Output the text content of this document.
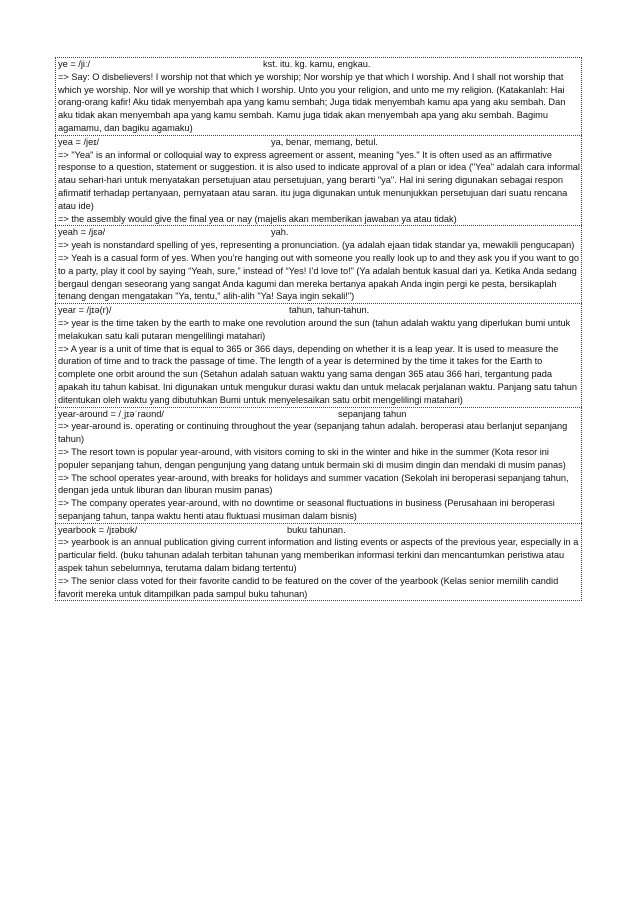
ye = /jiː/	kst. itu. kg. kamu, engkau.
=> Say: O disbelievers! I worship not that which ye worship; Nor worship ye that which I worship. And I shall not worship that which ye worship. Nor will ye worship that which I worship. Unto you your religion, and unto me my religion. (Katakanlah: Hai orang-orang kafir! Aku tidak menyembah apa yang kamu sembah; Juga tidak menyembah kamu apa yang aku sembah. Dan aku tidak akan menyembah apa yang kamu sembah. Kamu juga tidak akan menyembah apa yang aku sembah. Bagimu agamamu, dan bagiku agamaku)
yea = /jeɪ/	ya, benar, memang, betul.
=> "Yea" is an informal or colloquial way to express agreement or assent, meaning "yes." It is often used as an affirmative response to a question, statement or suggestion. it is also used to indicate approval of a plan or idea ("Yea" adalah cara informal atau sehari-hari untuk menyatakan persetujuan atau persetujuan, yang berarti "ya". Hal ini sering digunakan sebagai respon afirmatif terhadap pertanyaan, pernyataan atau saran. itu juga digunakan untuk menunjukkan persetujuan dari suatu rencana atau ide)
=> the assembly would give the final yea or nay (majelis akan memberikan jawaban ya atau tidak)
yeah = /jɛə/	yah.
=> yeah is nonstandard spelling of yes, representing a pronunciation. (ya adalah ejaan tidak standar ya, mewakili pengucapan)
=> Yeah is a casual form of yes. When you’re hanging out with someone you really look up to and they ask you if you want to go to a party, play it cool by saying “Yeah, sure,” instead of “Yes! I’d love to!” (Ya adalah bentuk kasual dari ya. Ketika Anda sedang bergaul dengan seseorang yang sangat Anda kagumi dan mereka bertanya apakah Anda ingin pergi ke pesta, bersikaplah tenang dengan mengatakan "Ya, tentu," alih-alih "Ya! Saya ingin sekali!")
year = /jɪə(r)/	tahun, tahun-tahun.
=> year is the time taken by the earth to make one revolution around the sun (tahun adalah waktu yang diperlukan bumi untuk melakukan satu kali putaran mengelilingi matahari)
=> A year is a unit of time that is equal to 365 or 366 days, depending on whether it is a leap year. It is used to measure the duration of time and to track the passage of time. The length of a year is determined by the time it takes for the Earth to complete one orbit around the sun (Setahun adalah satuan waktu yang sama dengan 365 atau 366 hari, tergantung pada apakah itu tahun kabisat. Ini digunakan untuk mengukur durasi waktu dan untuk melacak perjalanan waktu. Panjang satu tahun ditentukan oleh waktu yang dibutuhkan Bumi untuk menyelesaikan satu orbit mengelilingi matahari)
year-around = /ˌjɪəˈraʊnd/	sepanjang tahun
=> year-around is. operating or continuing throughout the year (sepanjang tahun adalah. beroperasi atau berlanjut sepanjang tahun)
=> The resort town is popular year-around, with visitors coming to ski in the winter and hike in the summer (Kota resor ini populer sepanjang tahun, dengan pengunjung yang datang untuk bermain ski di musim dingin dan mendaki di musim panas)
=> The school operates year-around, with breaks for holidays and summer vacation (Sekolah ini beroperasi sepanjang tahun, dengan jeda untuk liburan dan liburan musim panas)
=> The company operates year-around, with no downtime or seasonal fluctuations in business (Perusahaan ini beroperasi sepanjang tahun, tanpa waktu henti atau fluktuasi musiman dalam bisnis)
yearbook = /jɪəbʊk/	buku tahunan.
=> yearbook is an annual publication giving current information and listing events or aspects of the previous year, especially in a particular field. (buku tahunan adalah terbitan tahunan yang memberikan informasi terkini dan mencantumkan peristiwa atau aspek tahun sebelumnya, terutama dalam bidang tertentu)
=> The senior class voted for their favorite candid to be featured on the cover of the yearbook (Kelas senior memilih candid favorit mereka untuk ditampilkan pada sampul buku tahunan)
